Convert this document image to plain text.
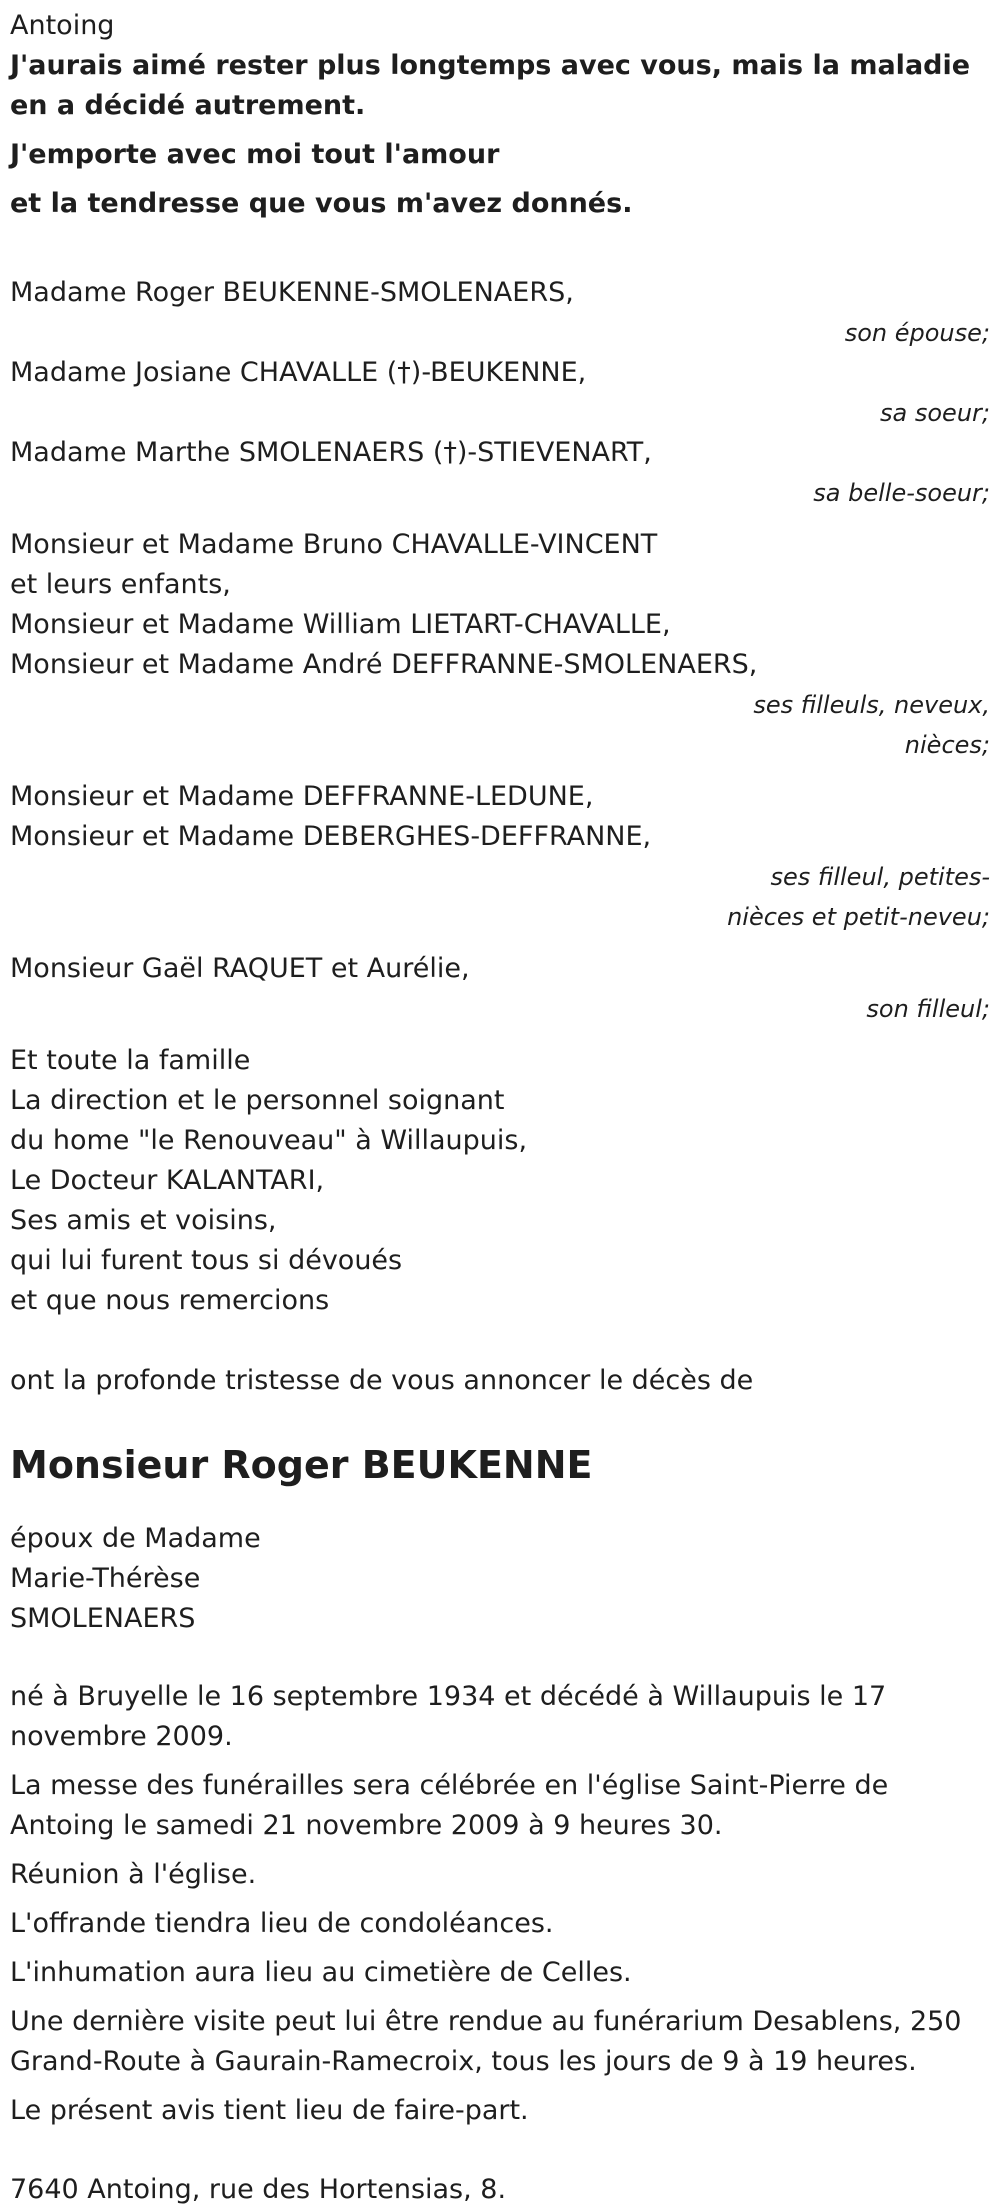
Antoing

J'aurais aimé rester plus longtemps avec vous, mais la maladie en a décidé autrement.

J'emporte avec moi tout l'amour

et la tendresse que vous m'avez donnés.

Madame Roger BEUKENNE-SMOLENAERS,

son épouse;

Madame Josiane CHAVALLE (†)-BEUKENNE,

sa soeur;

Madame Marthe SMOLENAERS (†)-STIEVENART,

sa belle-soeur;

Monsieur et Madame Bruno CHAVALLE-VINCENT

et leurs enfants,

Monsieur et Madame William LIETART-CHAVALLE,

Monsieur et Madame André DEFFRANNE-SMOLENAERS,

ses filleuls, neveux, nièces;

Monsieur et Madame DEFFRANNE-LEDUNE,

Monsieur et Madame DEBERGHES-DEFFRANNE,

ses filleul, petites-nièces et petit-neveu;

Monsieur Gaël RAQUET et Aurélie,

son filleul;

Et toute la famille

La direction et le personnel soignant

du home "le Renouveau" à Willaupuis,

Le Docteur KALANTARI,

Ses amis et voisins,

qui lui furent tous si dévoués

et que nous remercions

ont la profonde tristesse de vous annoncer le décès de

Monsieur Roger BEUKENNE

époux de Madame

Marie-Thérèse

SMOLENAERS

né à Bruyelle le 16 septembre 1934 et décédé à Willaupuis le 17 novembre 2009.

La messe des funérailles sera célébrée en l'église Saint-Pierre de Antoing le samedi 21 novembre 2009 à 9 heures 30.

Réunion à l'église.

L'offrande tiendra lieu de condoléances.

L'inhumation aura lieu au cimetière de Celles.

Une dernière visite peut lui être rendue au funérarium Desablens, 250 Grand-Route à Gaurain-Ramecroix, tous les jours de 9 à 19 heures.

Le présent avis tient lieu de faire-part.

7640 Antoing, rue des Hortensias, 8.
